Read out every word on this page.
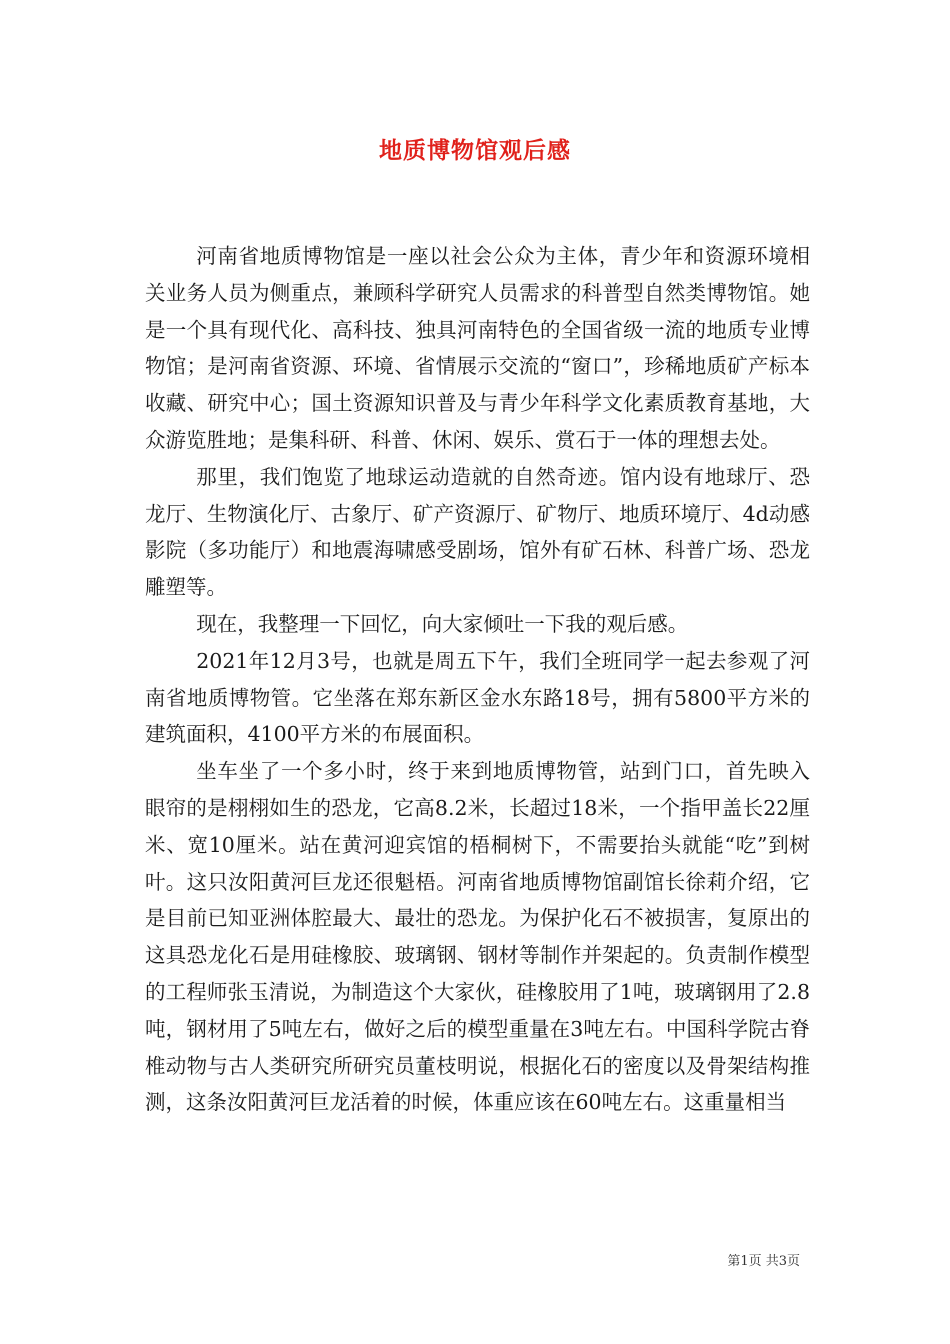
地质博物馆观后感

河南省地质博物馆是一座以社会公众为主体，青少年和资源环境相关业务人员为侧重点，兼顾科学研究人员需求的科普型自然类博物馆。她是一个具有现代化、高科技、独具河南特色的全国省级一流的地质专业博物馆；是河南省资源、环境、省情展示交流的“窗口”，珍稀地质矿产标本收藏、研究中心；国土资源知识普及与青少年科学文化素质教育基地，大众游览胜地；是集科研、科普、休闲、娱乐、赏石于一体的理想去处。

那里，我们饱览了地球运动造就的自然奇迹。馆内设有地球厅、恐龙厅、生物演化厅、古象厅、矿产资源厅、矿物厅、地质环境厅、4d动感影院（多功能厅）和地震海啸感受剧场，馆外有矿石林、科普广场、恐龙雕塑等。

现在，我整理一下回忆，向大家倾吐一下我的观后感。

2021年12月3号，也就是周五下午，我们全班同学一起去参观了河南省地质博物管。它坐落在郑东新区金水东路18号，拥有5800平方米的建筑面积，4100平方米的布展面积。

坐车坐了一个多小时，终于来到地质博物管，站到门口，首先映入眼帘的是栩栩如生的恐龙，它高8.2米，长超过18米，一个指甲盖长22厘米、宽10厘米。站在黄河迎宾馆的梧桐树下，不需要抬头就能“吃”到树叶。这只汝阳黄河巨龙还很魁梧。河南省地质博物馆副馆长徐莉介绍，它是目前已知亚洲体腔最大、最壮的恐龙。为保护化石不被损害，复原出的这具恐龙化石是用硅橡胶、玻璃钢、钢材等制作并架起的。负责制作模型的工程师张玉清说，为制造这个大家伙，硅橡胶用了1吨，玻璃钢用了2.8吨，钢材用了5吨左右，做好之后的模型重量在3吨左右。中国科学院古脊椎动物与古人类研究所研究员董枝明说，根据化石的密度以及骨架结构推测，这条汝阳黄河巨龙活着的时候，体重应该在60吨左右。这重量相当

第1页 共3页
